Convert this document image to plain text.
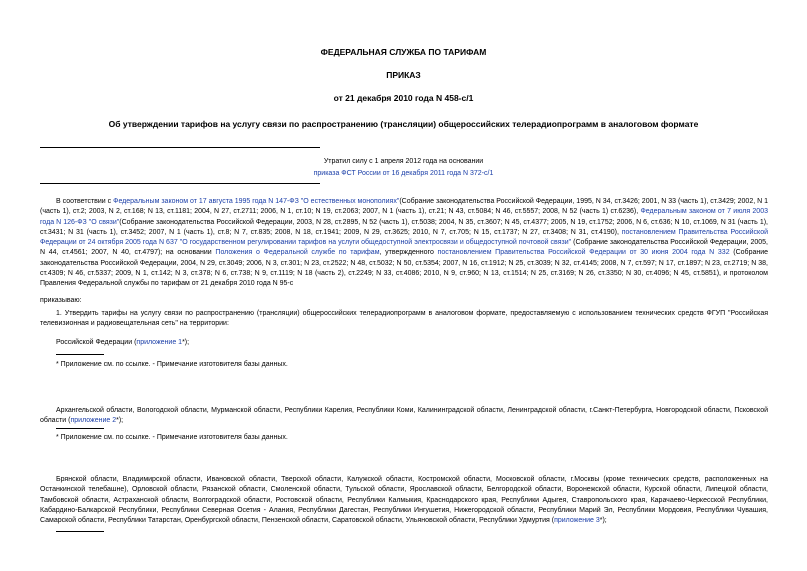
ФЕДЕРАЛЬНАЯ СЛУЖБА ПО ТАРИФАМ
ПРИКАЗ
от 21 декабря 2010 года N 458-с/1
Об утверждении тарифов на услугу связи по распространению (трансляции) общероссийских телерадиопрограмм в аналоговом формате
Утратил силу с 1 апреля 2012 года на основании
приказа ФСТ России от 16 декабря 2011 года N 372-с/1
В соответствии с Федеральным законом от 17 августа 1995 года N 147-ФЗ "О естественных монополиях"(Собрание законодательства Российской Федерации, 1995, N 34, ст.3426; 2001, N 33 (часть 1), ст.3429; 2002, N 1 (часть 1), ст.2; 2003, N 2, ст.168; N 13, ст.1181; 2004, N 27, ст.2711; 2006, N 1, ст.10; N 19, ст.2063; 2007, N 1 (часть 1), ст.21; N 43, ст.5084; N 46, ст.5557; 2008, N 52 (часть 1) ст.6236), Федеральным законом от 7 июля 2003 года N 126-ФЗ "О связи"(Собрание законодательства Российской Федерации, 2003, N 28, ст.2895, N 52 (часть 1), ст.5038; 2004, N 35, ст.3607; N 45, ст.4377; 2005, N 19, ст.1752; 2006, N 6, ст.636; N 10, ст.1069, N 31 (часть 1), ст.3431; N 31 (часть 1), ст.3452; 2007, N 1 (часть 1), ст.8; N 7, ст.835; 2008, N 18, ст.1941; 2009, N 29, ст.3625; 2010, N 7, ст.705; N 15, ст.1737; N 27, ст.3408; N 31, ст.4190), постановлением Правительства Российской Федерации от 24 октября 2005 года N 637 "О государственном регулировании тарифов на услуги общедоступной электросвязи и общедоступной почтовой связи" (Собрание законодательства Российской Федерации, 2005, N 44, ст.4561; 2007, N 40, ст.4797); на основании Положения о Федеральной службе по тарифам, утвержденного постановлением Правительства Российской Федерации от 30 июня 2004 года N 332 (Собрание законодательства Российской Федерации, 2004, N 29, ст.3049; 2006, N 3, ст.301; N 23, ст.2522; N 48, ст.5032; N 50, ст.5354; 2007, N 16, ст.1912; N 25, ст.3039; N 32, ст.4145; 2008, N 7, ст.597; N 17, ст.1897; N 23, ст.2719; N 38, ст.4309; N 46, ст.5337; 2009, N 1, ст.142; N 3, ст.378; N 6, ст.738; N 9, ст.1119; N 18 (часть 2), ст.2249; N 33, ст.4086; 2010, N 9, ст.960; N 13, ст.1514; N 25, ст.3169; N 26, ст.3350; N 30, ст.4096; N 45, ст.5851), и протоколом Правления Федеральной службы по тарифам от 21 декабря 2010 года N 95-с
приказываю:
1. Утвердить тарифы на услугу связи по распространению (трансляции) общероссийских телерадиопрограмм в аналоговом формате, предоставляемую с использованием технических средств ФГУП "Российская телевизионная и радиовещательная сеть" на территории:
Российской Федерации (приложение 1*);
* Приложение см. по ссылке. - Примечание изготовителя базы данных.
Архангельской области, Вологодской области, Мурманской области, Республики Карелия, Республики Коми, Калининградской области, Ленинградской области, г.Санкт-Петербурга, Новгородской области, Псковской области (приложение 2*);
* Приложение см. по ссылке. - Примечание изготовителя базы данных.
Брянской области, Владимирской области, Ивановской области, Тверской области, Калужской области, Костромской области, Московской области, г.Москвы (кроме технических средств, расположенных на Останкинской телебашне), Орловской области, Рязанской области, Смоленской области, Тульской области, Ярославской области, Белгородской области, Воронежской области, Курской области, Липецкой области, Тамбовской области, Астраханской области, Волгоградской области, Ростовской области, Республики Калмыкия, Краснодарского края, Республики Адыгея, Ставропольского края, Карачаево-Черкесской Республики, Кабардино-Балкарской Республики, Республики Северная Осетия - Алания, Республики Дагестан, Республики Ингушетия, Нижегородской области, Республики Марий Эл, Республики Мордовия, Республики Чувашия, Самарской области, Республики Татарстан, Оренбургской области, Пензенской области, Саратовской области, Ульяновской области, Республики Удмуртия (приложение 3*);
